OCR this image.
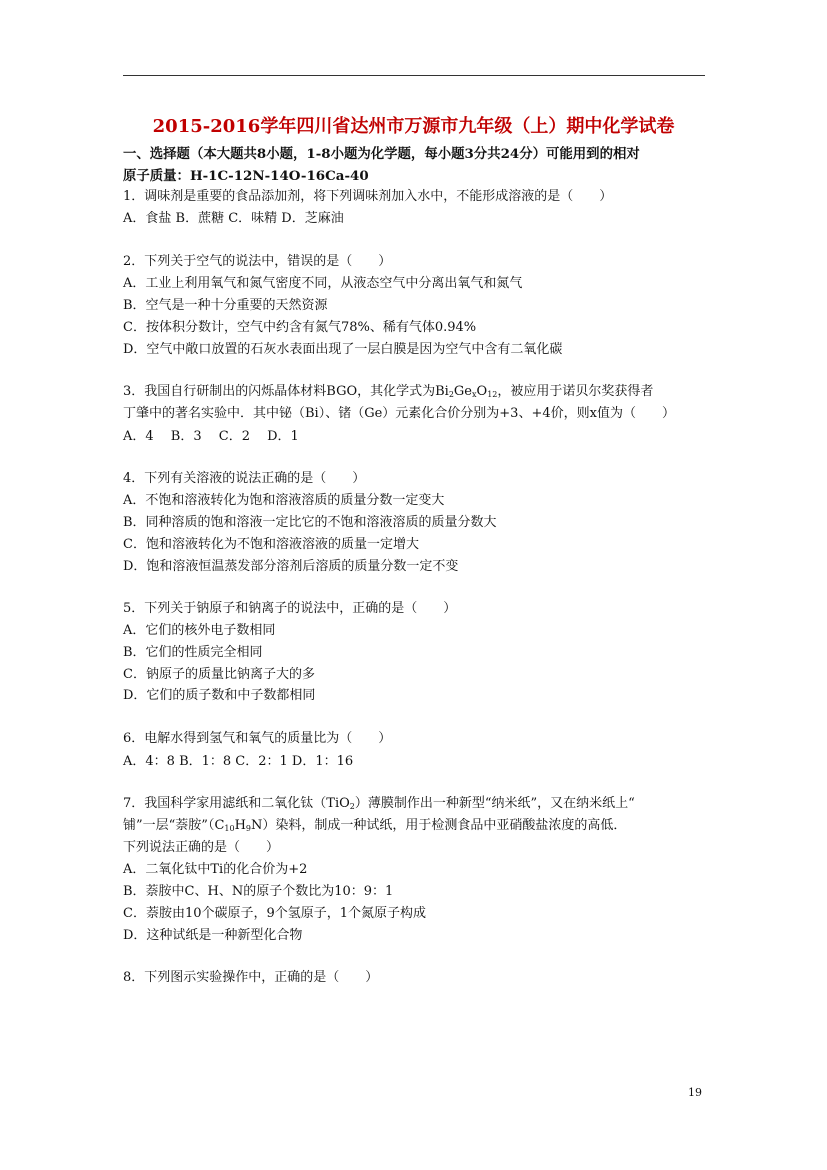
2015-2016学年四川省达州市万源市九年级（上）期中化学试卷
一、选择题（本大题共8小题，1-8小题为化学题，每小题3分共24分）可能用到的相对
原子质量：H-1C-12N-14O-16Ca-40
1．调味剂是重要的食品添加剂，将下列调味剂加入水中，不能形成溶液的是（　　）
A．食盐 B．蔗糖 C．味精 D．芝麻油
2．下列关于空气的说法中，错误的是（　　）
A．工业上利用氧气和氮气密度不同，从液态空气中分离出氧气和氮气
B．空气是一种十分重要的天然资源
C．按体积分数计，空气中约含有氮气78%、稀有气体0.94%
D．空气中敞口放置的石灰水表面出现了一层白膜是因为空气中含有二氧化碳
3．我国自行研制出的闪烁晶体材料BGO，其化学式为$Bi_2Ge_xO_{12}$，被应用于诺贝尔奖获得者
丁肇中的著名实验中．其中铋（Bi）、锗（Ge）元素化合价分别为+3、+4价，则x值为（　　）
A．4　 B．3　 C．2　 D．1
4．下列有关溶液的说法正确的是（　　）
A．不饱和溶液转化为饱和溶液溶质的质量分数一定变大
B．同种溶质的饱和溶液一定比它的不饱和溶液溶质的质量分数大
C．饱和溶液转化为不饱和溶液溶液的质量一定增大
D．饱和溶液恒温蒸发部分溶剂后溶质的质量分数一定不变
5．下列关于钠原子和钠离子的说法中，正确的是（　　）
A．它们的核外电子数相同
B．它们的性质完全相同
C．钠原子的质量比钠离子大的多
D．它们的质子数和中子数都相同
6．电解水得到氢气和氧气的质量比为（　　）
A．4：8 B．1：8 C．2：1 D．1：16
7．我国科学家用滤纸和二氧化钛（TiO$_2$）薄膜制作出一种新型“纳米纸”，又在纳米纸上“
铺”一层“萘胺$”(C_{10}H_9N)$染料，制成一种试纸，用于检测食品中亚硝酸盐浓度的高低．
下列说法正确的是（　　）
A．二氧化钛中Ti的化合价为+2
B．萘胺中C、H、N的原子个数比为10：9：1
C．萘胺由10个碳原子，9个氢原子，1个氮原子构成
D．这种试纸是一种新型化合物
8．下列图示实验操作中，正确的是（　　）
19
